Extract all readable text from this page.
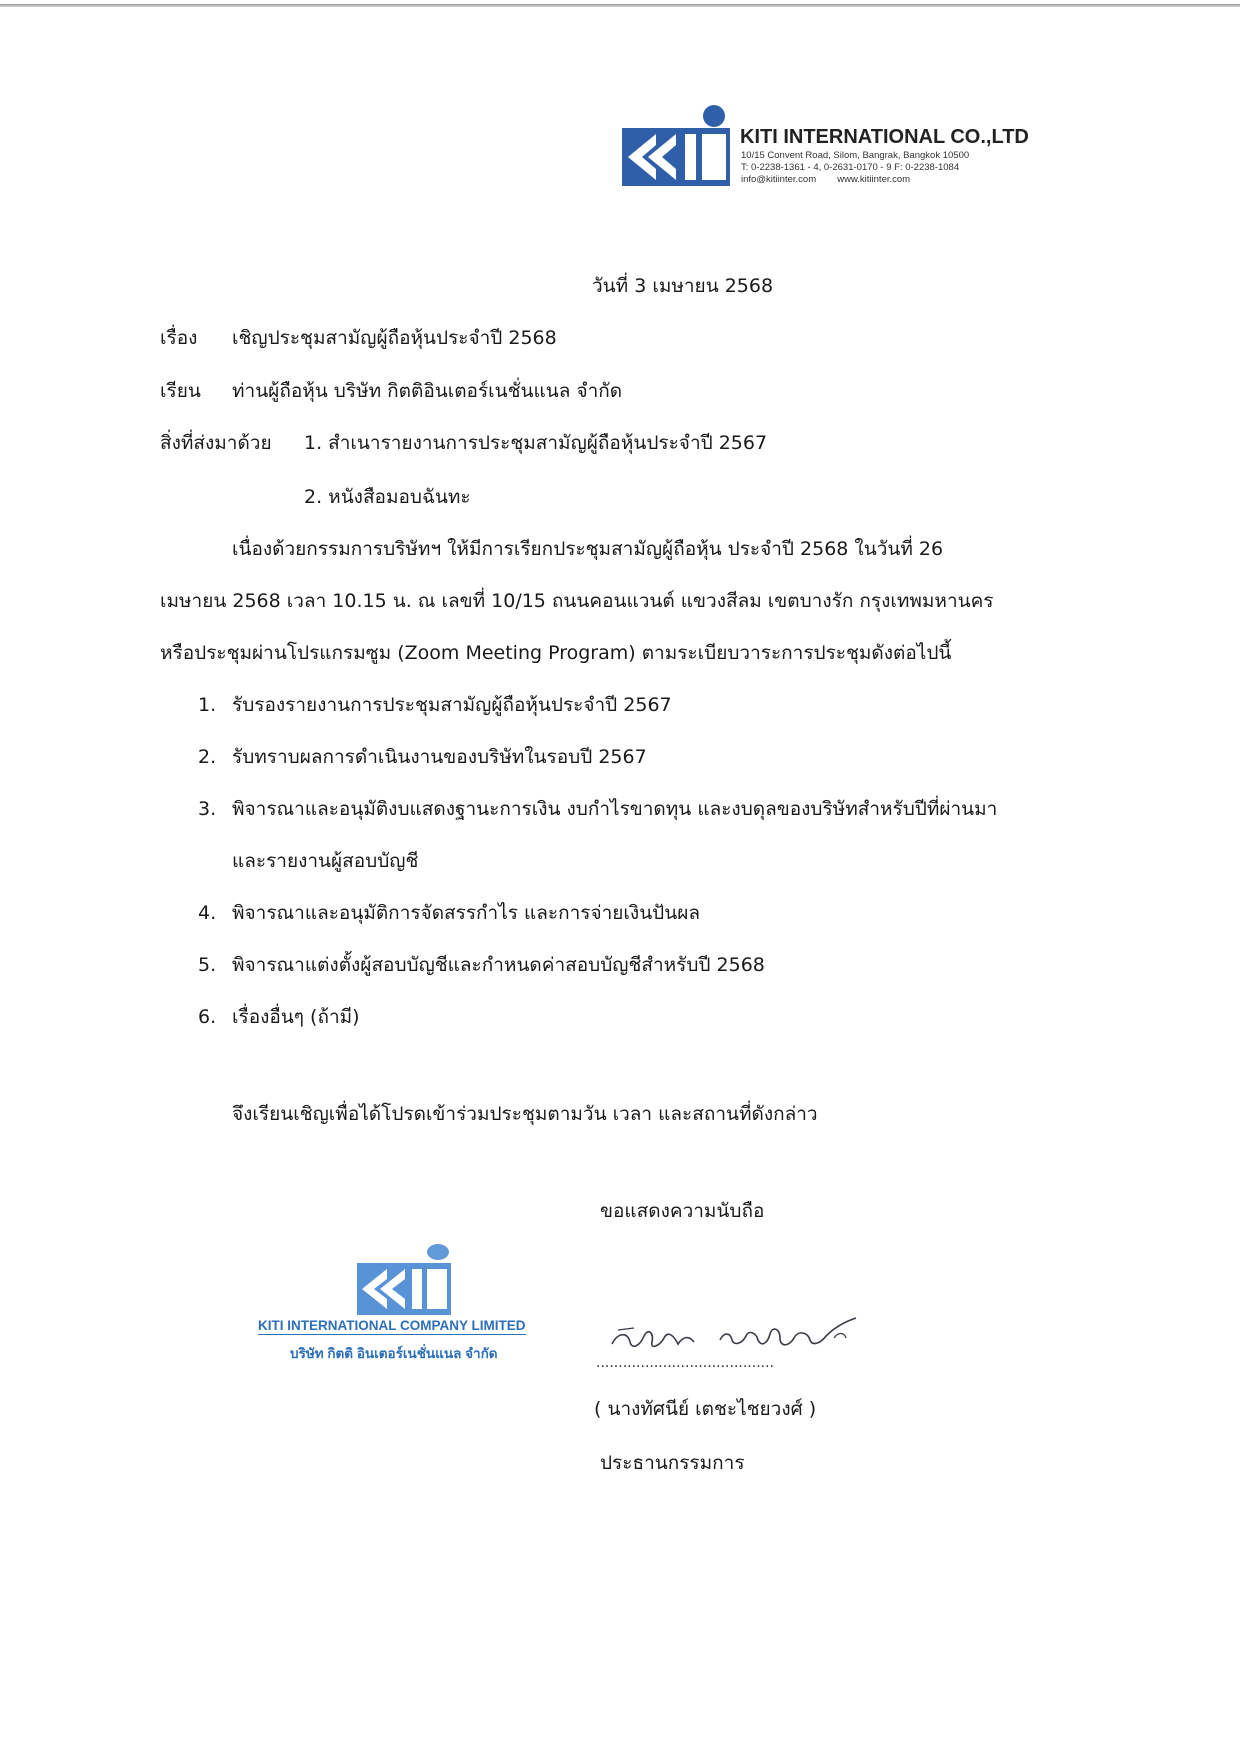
KITI INTERNATIONAL CO.,LTD
10/15 Convent Road, Silom, Bangrak, Bangkok 10500
T: 0-2238-1361 - 4, 0-2631-0170 - 9 F: 0-2238-1084
info@kitiinter.com        www.kitiinter.com
วันที่ 3 เมษายน 2568
เรื่อง เชิญประชุมสามัญผู้ถือหุ้นประจำปี 2568
เรียน ท่านผู้ถือหุ้น บริษัท กิตติอินเตอร์เนชั่นแนล จำกัด
สิ่งที่ส่งมาด้วย 1. สำเนารายงานการประชุมสามัญผู้ถือหุ้นประจำปี 2567
2. หนังสือมอบฉันทะ
เนื่องด้วยกรรมการบริษัทฯ ให้มีการเรียกประชุมสามัญผู้ถือหุ้น ประจำปี 2568 ในวันที่ 26
เมษายน 2568 เวลา 10.15 น. ณ เลขที่ 10/15 ถนนคอนแวนต์ แขวงสีลม เขตบางรัก กรุงเทพมหานคร
หรือประชุมผ่านโปรแกรมซูม (Zoom Meeting Program) ตามระเบียบวาระการประชุมดังต่อไปนี้
1. รับรองรายงานการประชุมสามัญผู้ถือหุ้นประจำปี 2567
2. รับทราบผลการดำเนินงานของบริษัทในรอบปี 2567
3. พิจารณาและอนุมัติงบแสดงฐานะการเงิน งบกำไรขาดทุน และงบดุลของบริษัทสำหรับปีที่ผ่านมา
และรายงานผู้สอบบัญชี
4. พิจารณาและอนุมัติการจัดสรรกำไร และการจ่ายเงินปันผล
5. พิจารณาแต่งตั้งผู้สอบบัญชีและกำหนดค่าสอบบัญชีสำหรับปี 2568
6. เรื่องอื่นๆ (ถ้ามี)
จึงเรียนเชิญเพื่อได้โปรดเข้าร่วมประชุมตามวัน เวลา และสถานที่ดังกล่าว
ขอแสดงความนับถือ
KITI INTERNATIONAL COMPANY LIMITED
บริษัท กิตติ อินเตอร์เนชั่นแนล จำกัด
........................................
( นางทัศนีย์ เตชะไชยวงศ์ )
ประธานกรรมการ
